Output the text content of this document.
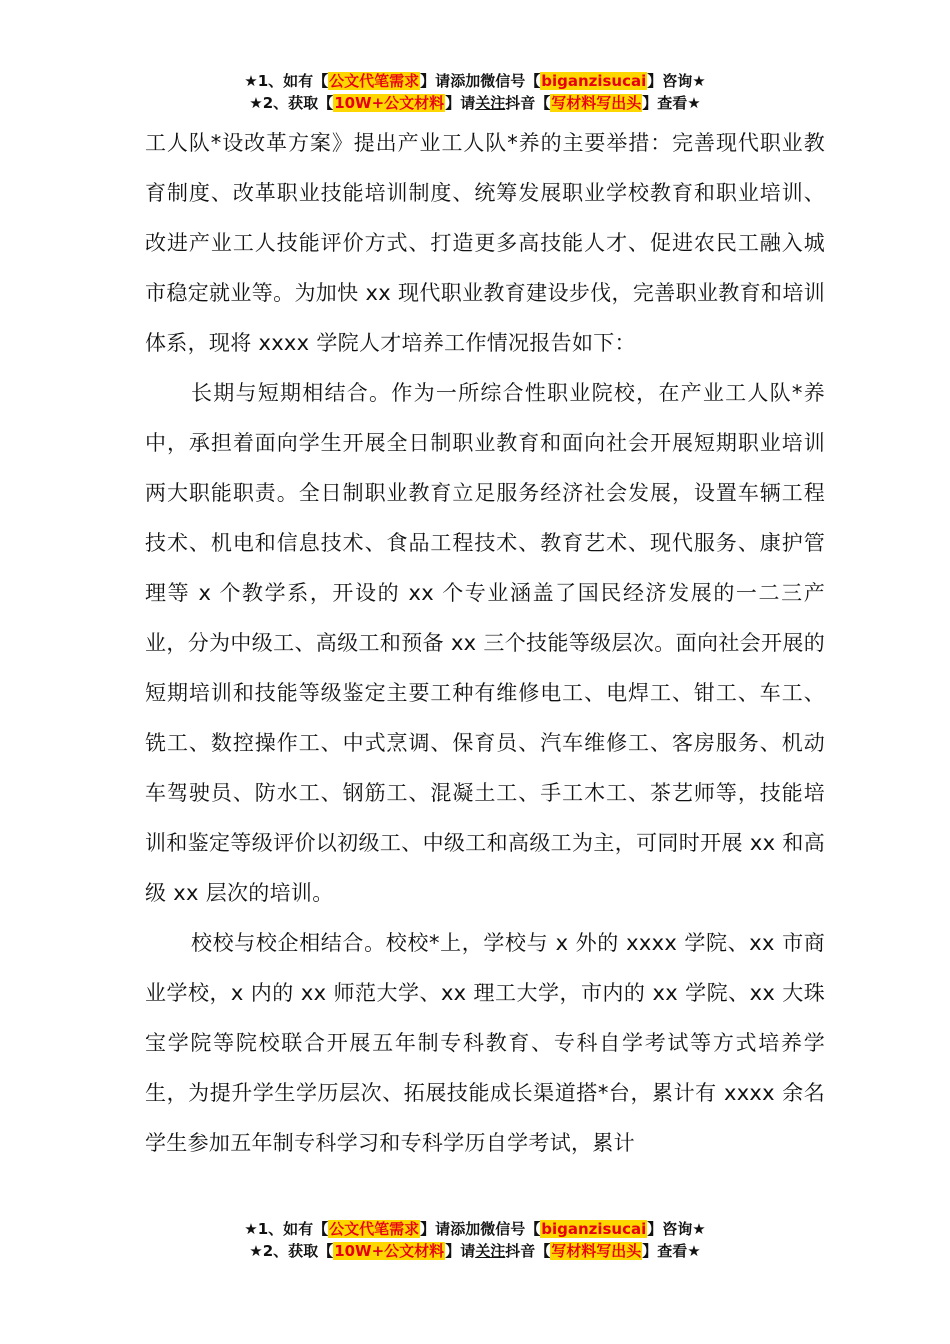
★1、如有【公文代笔需求】请添加微信号【biganzisucai】咨询★
★2、获取【10W+公文材料】请关注抖音【写材料写出头】查看★

工人队*设改革方案》提出产业工人队*养的主要举措：完善现代职业教育制度、改革职业技能培训制度、统筹发展职业学校教育和职业培训、改进产业工人技能评价方式、打造更多高技能人才、促进农民工融入城市稳定就业等。为加快 xx 现代职业教育建设步伐，完善职业教育和培训体系，现将 xxxx 学院人才培养工作情况报告如下：

长期与短期相结合。作为一所综合性职业院校，在产业工人队*养中，承担着面向学生开展全日制职业教育和面向社会开展短期职业培训两大职能职责。全日制职业教育立足服务经济社会发展，设置车辆工程技术、机电和信息技术、食品工程技术、教育艺术、现代服务、康护管理等 x 个教学系，开设的 xx 个专业涵盖了国民经济发展的一二三产业，分为中级工、高级工和预备 xx 三个技能等级层次。面向社会开展的短期培训和技能等级鉴定主要工种有维修电工、电焊工、钳工、车工、铣工、数控操作工、中式烹调、保育员、汽车维修工、客房服务、机动车驾驶员、防水工、钢筋工、混凝土工、手工木工、茶艺师等，技能培训和鉴定等级评价以初级工、中级工和高级工为主，可同时开展 xx 和高级 xx 层次的培训。

校校与校企相结合。校校*上，学校与 x 外的 xxxx 学院、xx 市商业学校，x 内的 xx 师范大学、xx 理工大学，市内的 xx 学院、xx 大珠宝学院等院校联合开展五年制专科教育、专科自学考试等方式培养学生，为提升学生学历层次、拓展技能成长渠道搭*台，累计有 xxxx 余名学生参加五年制专科学习和专科学历自学考试，累计

★1、如有【公文代笔需求】请添加微信号【biganzisucai】咨询★
★2、获取【10W+公文材料】请关注抖音【写材料写出头】查看★
